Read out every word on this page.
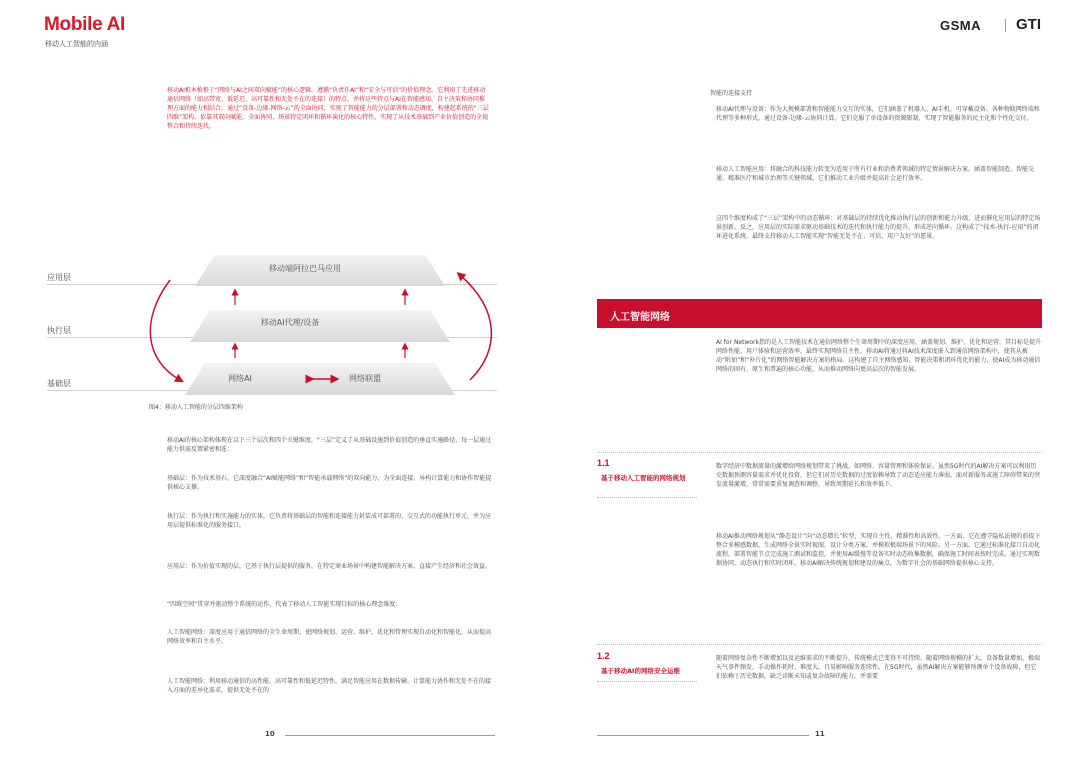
Mobile AI
移动人工智能的内涵
GSMA GTI
移动AI根本植根于“网络与AI之间双向赋能”的核心逻辑，遵循“负责任AI”和“安全与可信”的价值理念。它利用了先进移动通信网络（如高带宽、低延迟、高可靠性和无处不在的连接）的特点，并将这些特点与AI在智能感知、自主决策和协同推理方面的能力相结合。通过“设备-边缘-网络-云”的全面协同，实现了智能能力的分层部署和动态调度，构建起系统的“三层四维”架构。依靠其双向赋能、全面协同、场景特定闭环和循环演化的核心特性，实现了从技术基础到产业价值创造的全视整合和持续迭代。
应用层
执行层
基础层
移动端阿拉巴马应用
移动AI代理/设备
网络AI	网络联盟
图4：移动人工智能的分层四维架构
移动AI的核心架构体现在以下三个层次和四个关键维度。“三层”定义了从基础设施到价值创造的垂直实施路径，每一层通过能力供需反馈紧密相连：
基础层：作为技术基石，它深度融合“AI赋能网络”和“智能承载网络”的双向能力，为全面连接、异构计算能力和协作智能提供核心支撑。
执行层：作为执行和实施能力的实体，它负责将基础层的智能和连接能力封装成可部署的、交互式的功能执行单元，并为应用层提供标准化的服务接口。
应用层：作为价值实现的层，它基于执行层提供的服务，在特定商业场景中构建智能解决方案，直接产生经济和社会效益。
“四维空间”贯穿并驱动整个系统的运作，代表了移动人工智能实现目标的核心理念维度：
人工智能网络：深度应用于通信网络的全生命周期，使网络规划、运营、维护、优化和管理实现自动化和智能化，从而提高网络效率和自主水平。
人工智能网络：利用移动通信的高性能、高可靠性和低延迟特性，满足智能应用在数据传输、计算能力协作和无处不在的接入方面的差异化需求，提供无处不在的
10
智能的连接支持
移动AI代理与设备：作为大规模部署和智能能力交互的实体，它们涵盖了机器人、AI手机、可穿戴设备、各种物联网终端和代理等多种形式。通过设备-边缘-云协同计算，它们克服了单设备的资源限制，实现了智能服务的民主化和个性化交付。
移动人工智能应用：将融合的科技能力转变为适用于所有行业和消费者领域的特定情景解决方案。涵盖智能制造、智能交通、精准医疗和城市治理等关键领域，它们推动工业升级并提高社会运行效率。
这四个维度构成了“三层”架构中的动态循环：对基础层的持续优化推动执行层的创新和能力升级，进而催化应用层的特定场景创新。反之，应用层的实际需求驱动基础技术的迭代和执行能力的提升，形成逆向循环。这构成了“技术-执行-应用”的闭环进化系统，最终支持移动人工智能实现“智能无处不在、可信、用户友好”的愿景。
人工智能网络
AI for Network指的是人工智能技术在通信网络整个生命周期中的深度应用，涵盖规划、维护、优化和运营。其目标是提升网络性能、用户体验和运营效率，最终实现网络自主性。移动AI将通过将AI技术深度嵌入到通信网络架构中，使其从被动“附加”和“补片化”的网络智能解决方案的格局。这构建了自主网络感知、智能决策和闭环优化的能力，使AI成为移动通信网络的固有、原生和普遍的核心功能，从而推动网络向更高层次的智能发展。
1.1
基于移动人工智能的网络规划
数字经济中数据流量的激增给网络规划带来了挑战，如网络、容量管理和体验保证。虽然5G时代的AI解决方案可以利用历史数据预测容量需求并优化投资，但它们对历史数据的过度依赖导致了动态适应能力薄弱，面对新服务或施工障碍带来的突发流量激增，常常需要重复调查和调整，导致周期延长和效率低下。
移动AI推动网络规划从“静态设计”向“动态增长”转型，实现自主性、精准性和高效性。一方面，它在遵守隐私法规的前提下整合多模感数据，生成网络全景实时视图，设计分类方案，并模拟极端场景下的风险。另一方面，它通过标准化接口自动化流程，部署智能节点完成施工测试和监控，并使用AI缓慢等设备实时动态收集数据，确保施工时间表按时完成。通过实现数据协同、动态执行和实时闭环，移动AI解决传统规划和建设的痛点，为数字社会的基础网络提供核心支持。
1.2
基于移动AI的网络安全运维
随着网络复杂性不断增加以及运维需求的不断提升，传统模式已变得不可持续。随着网络规模的扩大，设备数量增加，极端天气事件频发，手动操作耗时、难度大，且易影响服务连续性。在5G时代，虽然AI解决方案能够预测单个设备故障，但它们依赖于历史数据，缺乏诊断未知或复杂故障的能力，并需要
11
